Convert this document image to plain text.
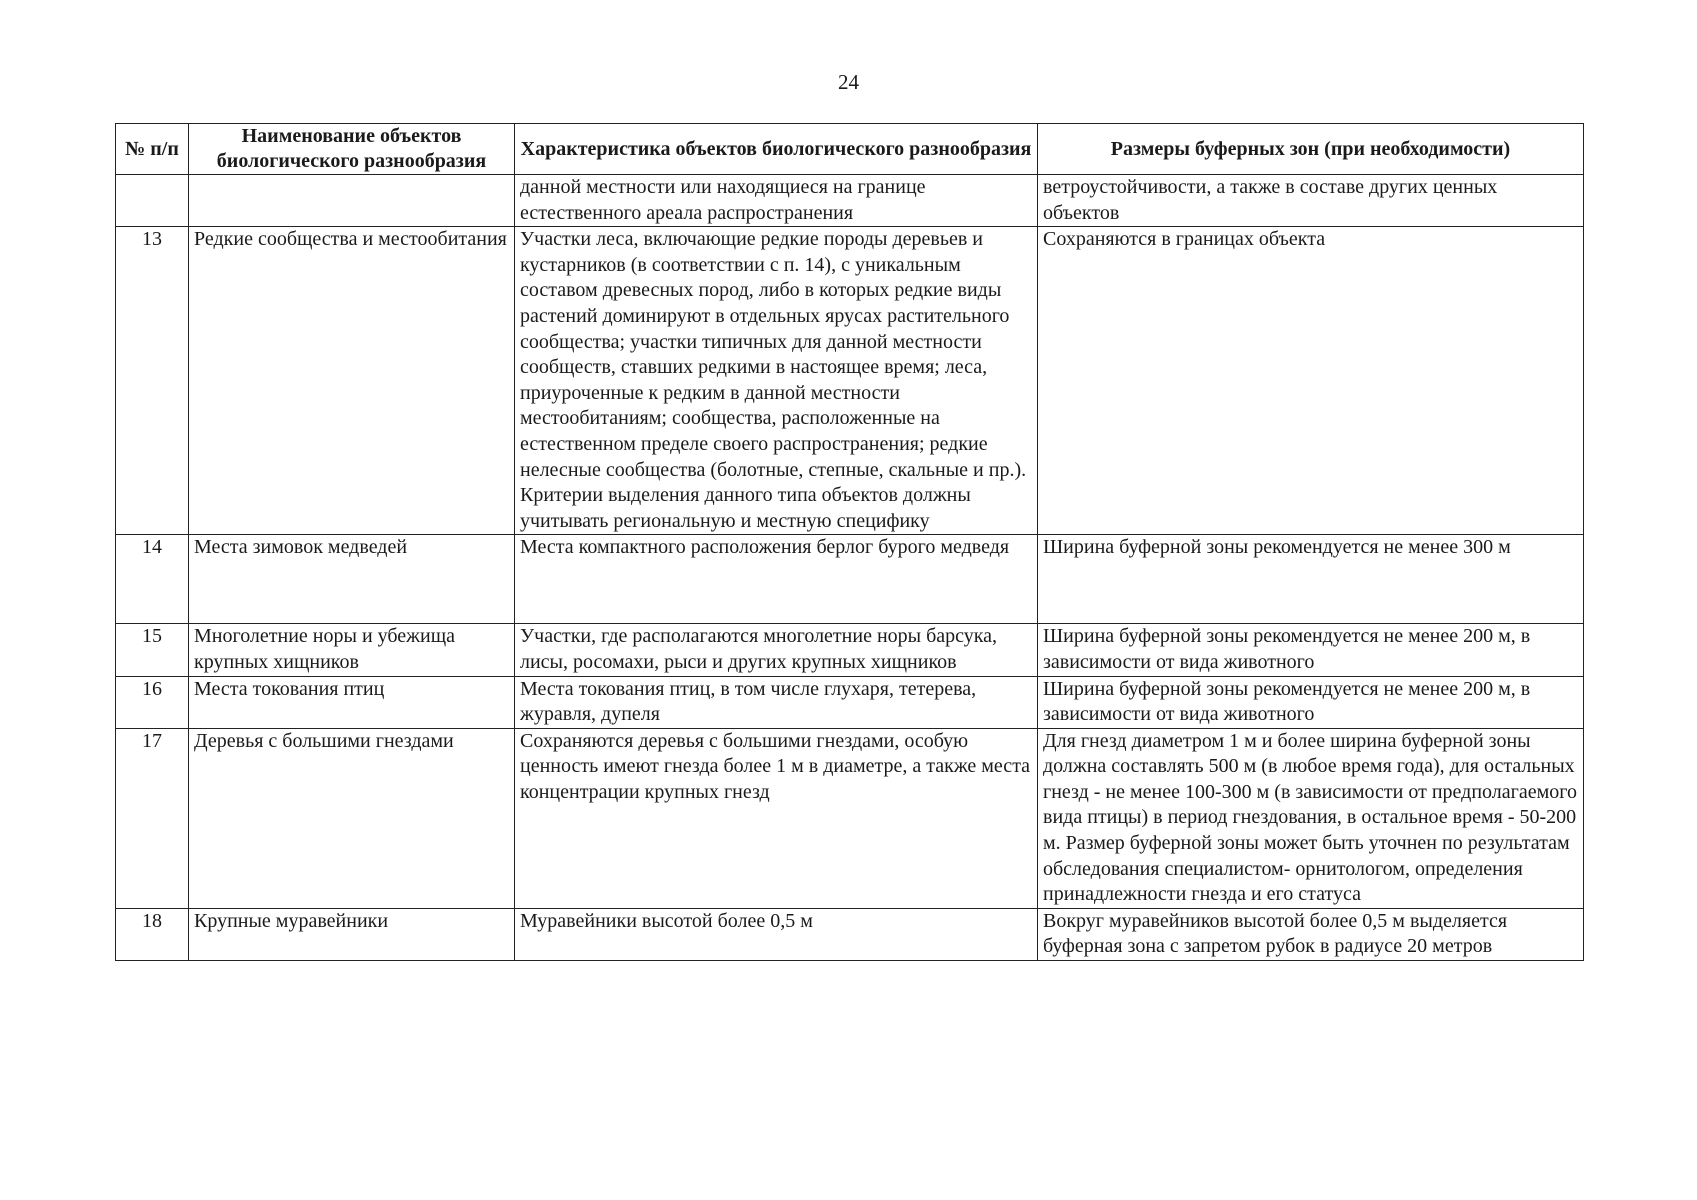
24
№ п/п	Наименование объектов биологического разнообразия	Характеристика объектов биологического разнообразия	Размеры буферных зон (при необходимости)
		данной местности или находящиеся на границе естественного ареала распространения	ветроустойчивости, а также в составе других ценных объектов
13	Редкие сообщества и местообитания	Участки леса, включающие редкие породы деревьев и кустарников (в соответствии с п. 14), с уникальным составом древесных пород, либо в которых редкие виды растений доминируют в отдельных ярусах растительного сообщества; участки типичных для данной местности сообществ, ставших редкими в настоящее время; леса, приуроченные к редким в данной местности местообитаниям; сообщества, расположенные на естественном пределе своего распространения; редкие нелесные сообщества (болотные, степные, скальные и пр.). Критерии выделения данного типа объектов должны учитывать региональную и местную специфику	Сохраняются в границах объекта
14	Места зимовок медведей	Места компактного расположения берлог бурого медведя	Ширина буферной зоны рекомендуется не менее 300 м
15	Многолетние норы и убежища крупных хищников	Участки, где располагаются многолетние норы барсука, лисы, росомахи, рыси и других крупных хищников	Ширина буферной зоны рекомендуется не менее 200 м, в зависимости от вида животного
16	Места токования птиц	Места токования птиц, в том числе глухаря, тетерева, журавля, дупеля	Ширина буферной зоны рекомендуется не менее 200 м, в зависимости от вида животного
17	Деревья с большими гнездами	Сохраняются деревья с большими гнездами, особую ценность имеют гнезда более 1 м в диаметре, а также места концентрации крупных гнезд	Для гнезд диаметром 1 м и более ширина буферной зоны должна составлять 500 м (в любое время года), для остальных гнезд - не менее 100-300 м (в зависимости от предполагаемого вида птицы) в период гнездования, в остальное время - 50-200 м. Размер буферной зоны может быть уточнен по результатам обследования специалистом- орнитологом, определения принадлежности гнезда и его статуса
18	Крупные муравейники	Муравейники высотой более 0,5 м	Вокруг муравейников высотой более 0,5 м выделяется буферная зона с запретом рубок в радиусе 20 метров
